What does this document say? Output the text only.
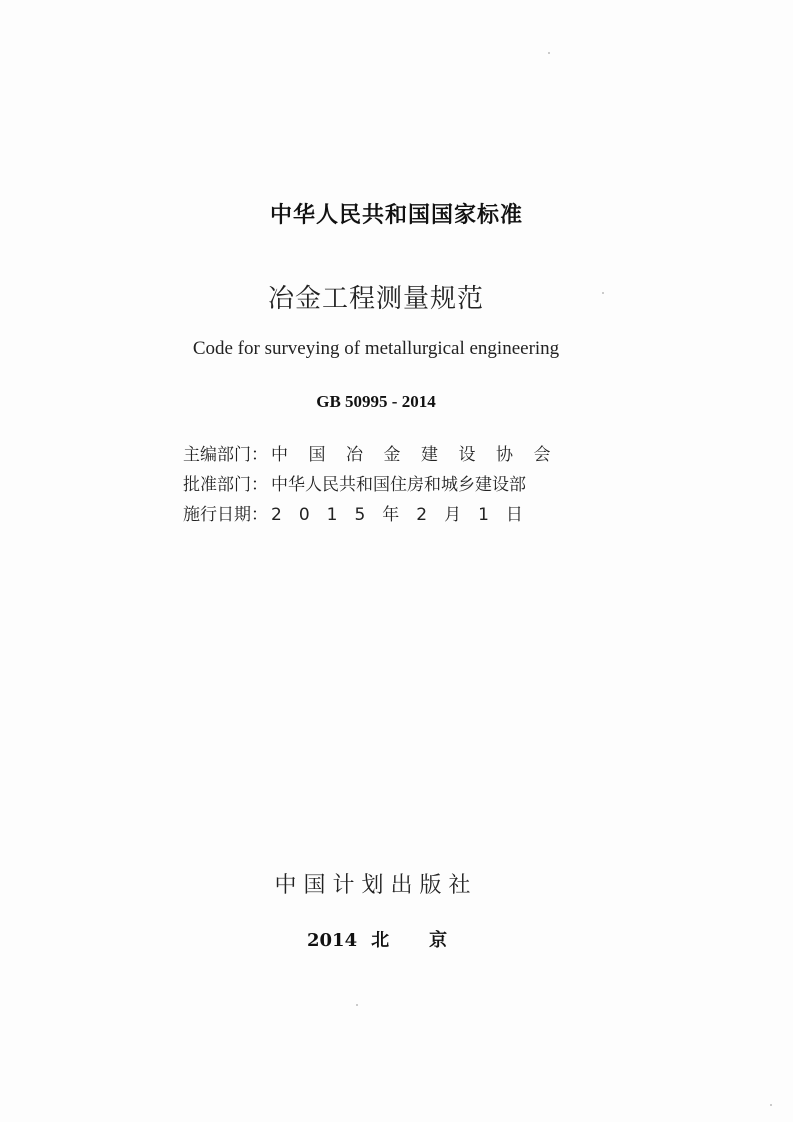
中华人民共和国国家标准
冶金工程测量规范
Code for surveying of metallurgical engineering
GB 50995 - 2014
主编部门： 中国冶金建设协会
批准部门： 中华人民共和国住房和城乡建设部
施行日期： 2015年2月1日
中国计划出版社
2014 北京
